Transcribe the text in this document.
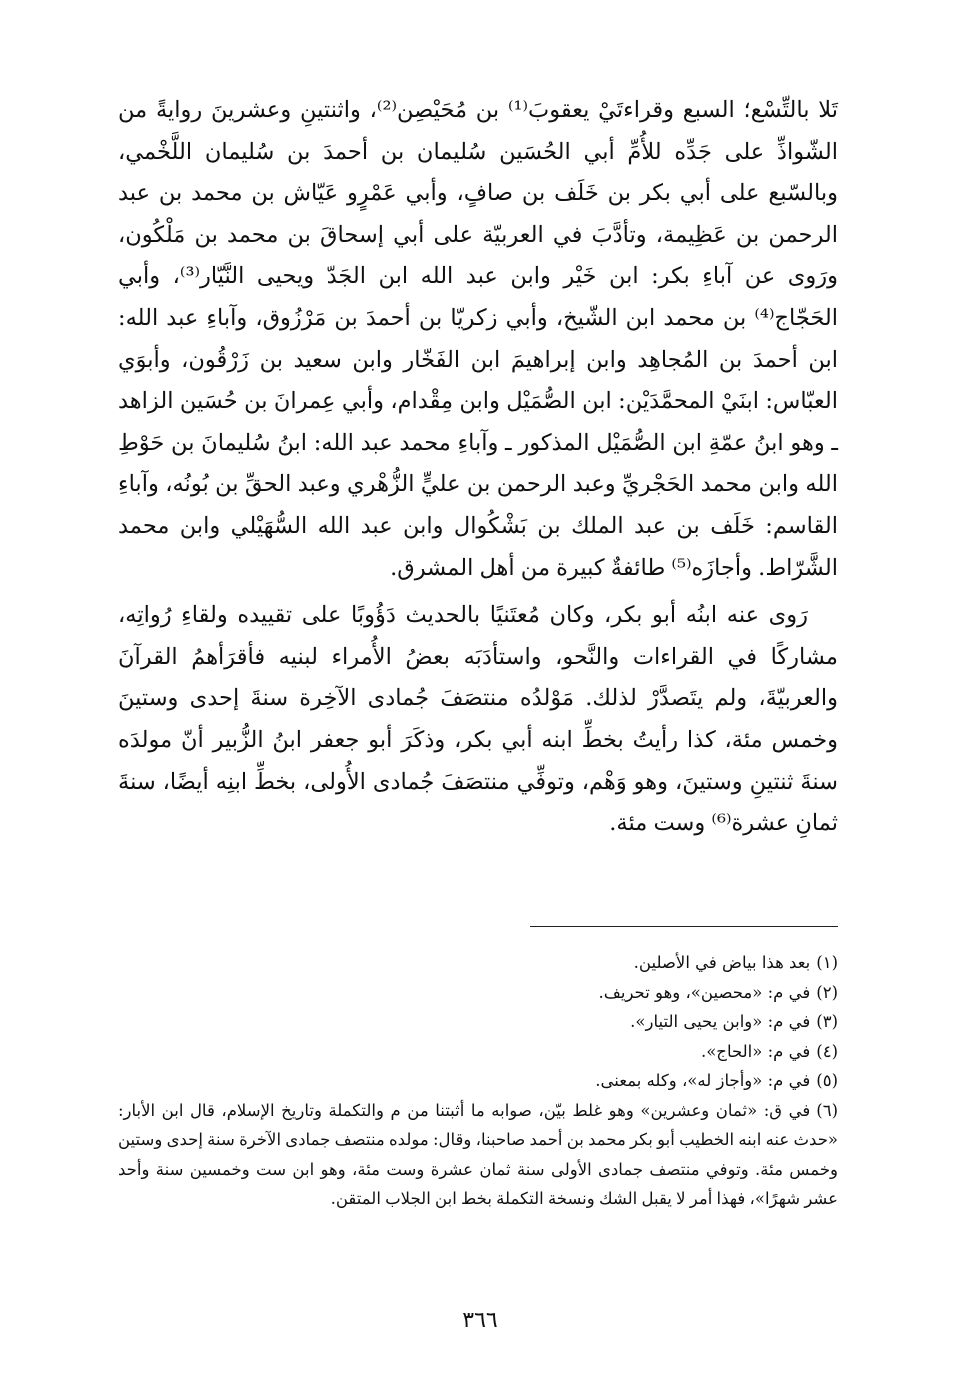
تَلا بالتِّسْع؛ السبع وقراءتَيْ يعقوبَ⁽¹⁾ بن مُحَيْصِن⁽²⁾، واثنتينِ وعشرينَ روايةً من الشّواذِّ على جَدِّه للأُمِّ أبي الحُسَين سُليمان بن أحمدَ بن سُليمان اللَّخْمي، وبالسّبع على أبي بكر بن خَلَف بن صافٍ، وأبي عَمْرٍو عَيّاش بن محمد بن عبد الرحمن بن عَظِيمة، وتأدَّبَ في العربيّة على أبي إسحاقَ بن محمد بن مَلْكُون، ورَوى عن آباءِ بكر: ابن خَيْر وابن عبد الله ابن الجَدّ ويحيى النَّيّار⁽³⁾، وأبي الحَجّاج⁽⁴⁾ بن محمد ابن الشّيخ، وأبي زكريّا بن أحمدَ بن مَرْزُوق، وآباءِ عبد الله: ابن أحمدَ بن المُجاهِد وابن إبراهيمَ ابن الفَخّار وابن سعيد بن زَرْقُون، وأبوَي العبّاس: ابنَيْ المحمَّدَيْن: ابن الصُّمَيْل وابن مِقْدام، وأبي عِمرانَ بن حُسَين الزاهد ـ وهو ابنُ عمّةِ ابن الصُّمَيْل المذكور ـ وآباءِ محمد عبد الله: ابنُ سُليمانَ بن حَوْطِ الله وابن محمد الحَجْريِّ وعبد الرحمن بن عليٍّ الزُّهْري وعبد الحقِّ بن بُونُه، وآباءِ القاسم: خَلَف بن عبد الملك بن بَشْكُوال وابن عبد الله السُّهَيْلي وابن محمد الشَّرّاط. وأجازَه⁽⁵⁾ طائفةٌ كبيرة من أهل المشرق.

رَوى عنه ابنُه أبو بكر، وكان مُعتَنيًا بالحديث دَؤُوبًا على تقييده ولقاءِ رُواتِه، مشاركًا في القراءات والنَّحو، واستأدَبَه بعضُ الأُمراء لبنيه فأقرَأهمُ القرآنَ والعربيّةَ، ولم يتَصدَّرْ لذلك. مَوْلدُه منتصَفَ جُمادى الآخِرة سنةَ إحدى وستينَ وخمس مئة، كذا رأيتُ بخطِّ ابنه أبي بكر، وذكَرَ أبو جعفر ابنُ الزُّبير أنّ مولدَه سنةَ ثنتينِ وستينَ، وهو وَهْم، وتوفِّي منتصَفَ جُمادى الأُولى، بخطِّ ابنِه أيضًا، سنةَ ثمانِ عشرة⁽⁶⁾ وست مئة.

(١)بعد هذا بياض في الأصلين.

(٢)في م: «محصين»، وهو تحريف.

(٣)في م: «وابن يحيى التيار».

(٤)في م: «الحاج».

(٥)في م: «وأجاز له»، وكله بمعنى.

(٦)في ق: «ثمان وعشرين» وهو غلط بيّن، صوابه ما أثبتنا من م والتكملة وتاريخ الإسلام، قال ابن الأبار: «حدث عنه ابنه الخطيب أبو بكر محمد بن أحمد صاحبنا، وقال: مولده منتصف جمادى الآخرة سنة إحدى وستين وخمس مئة. وتوفي منتصف جمادى الأولى سنة ثمان عشرة وست مئة، وهو ابن ست وخمسين سنة وأحد عشر شهرًا»، فهذا أمر لا يقبل الشك ونسخة التكملة بخط ابن الجلاب المتقن.

٣٦٦
